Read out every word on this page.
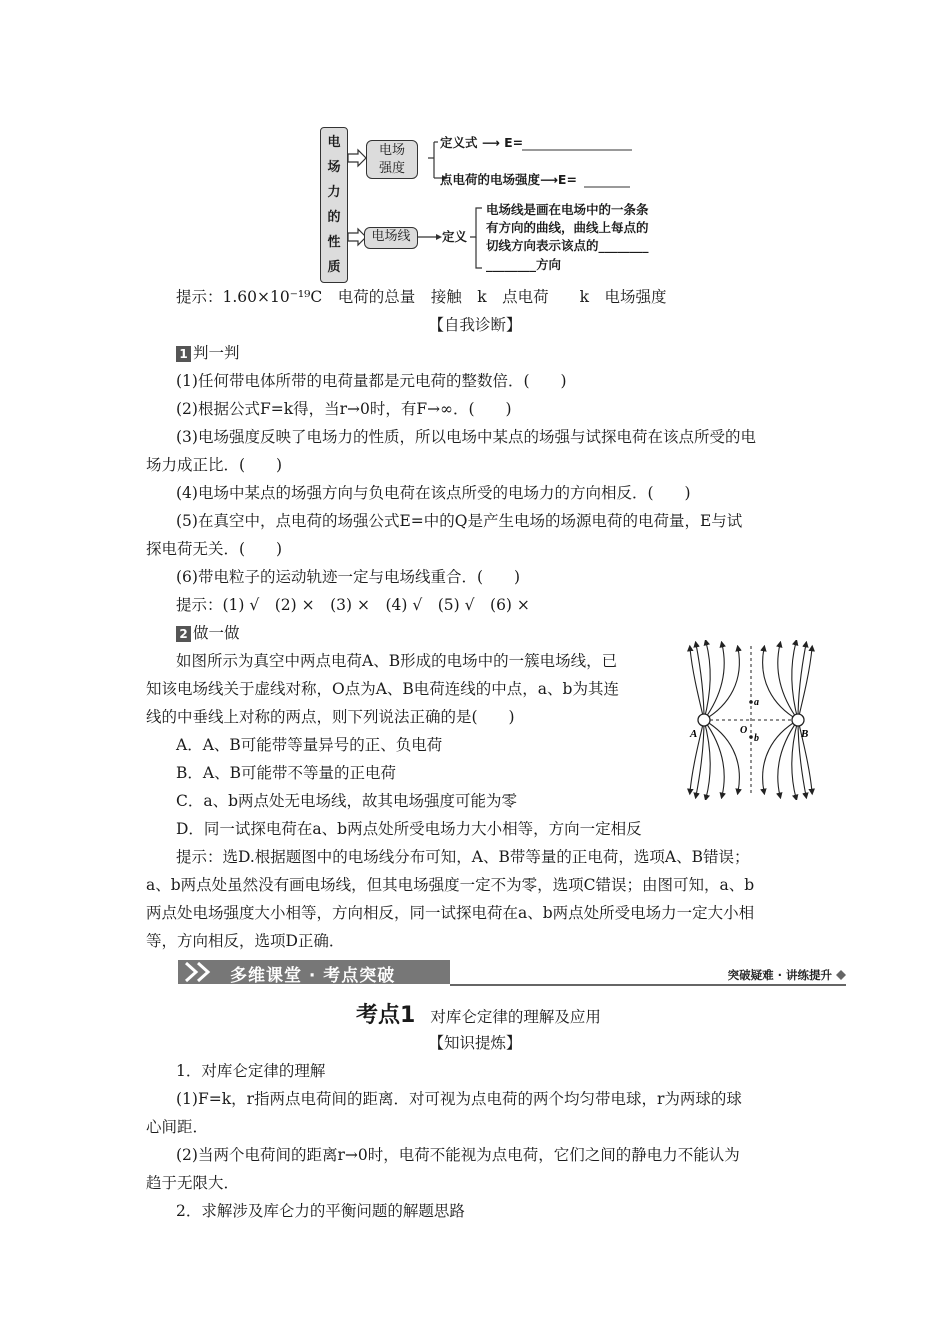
电
场
力
的
性
质
电场
强度
电场线
定义式 ⟶ E=
点电荷的电场强度⟶E=
定义
电场线是画在电场中的一条条
有方向的曲线，曲线上每点的
切线方向表示该点的________
________方向
提示：1.60×10⁻¹⁹C　电荷的总量　接触　k　点电荷　　k　电场强度
【自我诊断】
1 判一判
(1)任何带电体所带的电荷量都是元电荷的整数倍．(　　)
(2)根据公式F=k得，当r→0时，有F→∞．(　　)
(3)电场强度反映了电场力的性质，所以电场中某点的场强与试探电荷在该点所受的电
场力成正比．(　　)
(4)电场中某点的场强方向与负电荷在该点所受的电场力的方向相反．(　　)
(5)在真空中，点电荷的场强公式E=中的Q是产生电场的场源电荷的电荷量，E与试
探电荷无关．(　　)
(6)带电粒子的运动轨迹一定与电场线重合．(　　)
提示：(1) √　(2) ×　(3) ×　(4) √　(5) √　(6) ×
2 做一做
如图所示为真空中两点电荷A、B形成的电场中的一簇电场线，已
知该电场线关于虚线对称，O点为A、B电荷连线的中点，a、b为其连
线的中垂线上对称的两点，则下列说法正确的是(　　)
A．A、B可能带等量异号的正、负电荷
B．A、B可能带不等量的正电荷
C．a、b两点处无电场线，故其电场强度可能为零
D．同一试探电荷在a、b两点处所受电场力大小相等，方向一定相反
A	B
O
a
b
提示：选D.根据题图中的电场线分布可知，A、B带等量的正电荷，选项A、B错误；
a、b两点处虽然没有画电场线，但其电场强度一定不为零，选项C错误；由图可知，a、b
两点处电场强度大小相等，方向相反，同一试探电荷在a、b两点处所受电场力一定大小相
等，方向相反，选项D正确．
多维课堂 · 考点突破	突破疑难 · 讲练提升
考点1 对库仑定律的理解及应用
【知识提炼】
1．对库仑定律的理解
(1)F=k，r指两点电荷间的距离．对可视为点电荷的两个均匀带电球，r为两球的球
心间距．
(2)当两个电荷间的距离r→0时，电荷不能视为点电荷，它们之间的静电力不能认为
趋于无限大．
2．求解涉及库仑力的平衡问题的解题思路
